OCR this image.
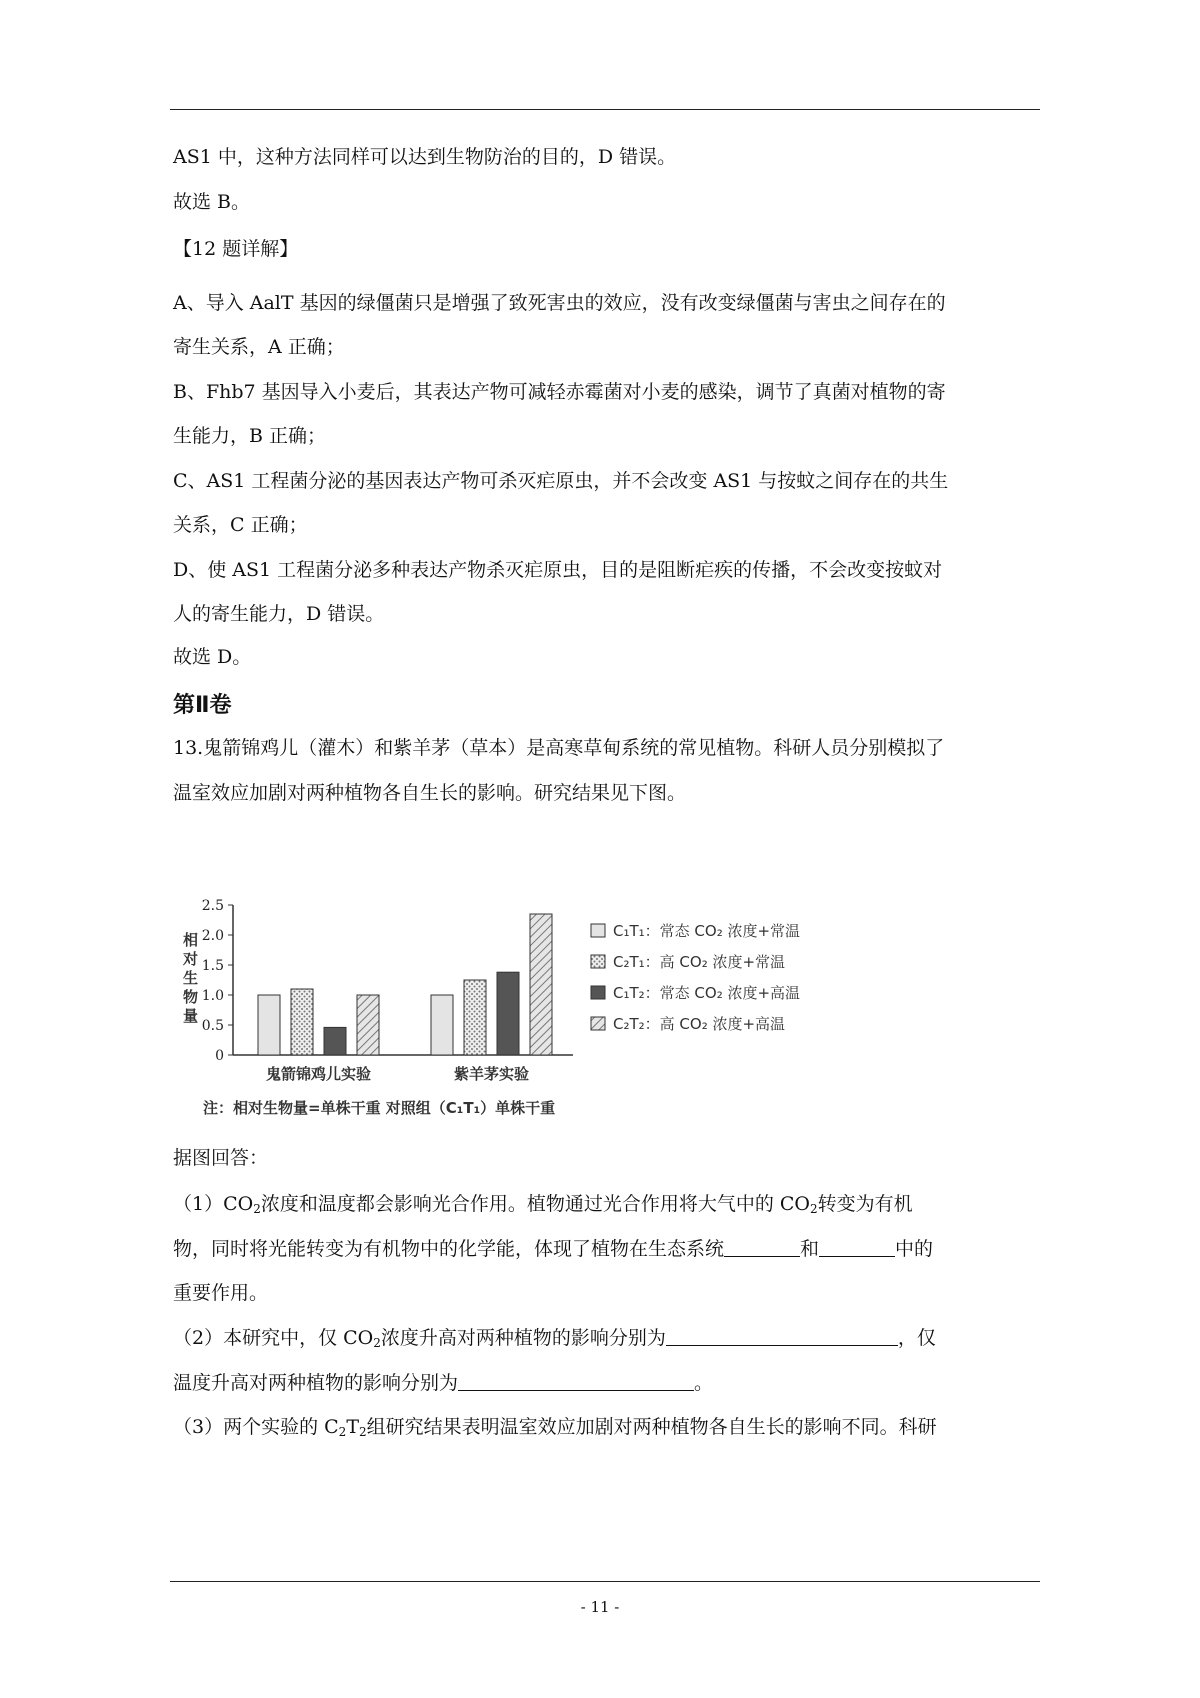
AS1 中，这种方法同样可以达到生物防治的目的，D 错误。
故选 B。
【12 题详解】
A、导入 AalT 基因的绿僵菌只是增强了致死害虫的效应，没有改变绿僵菌与害虫之间存在的
寄生关系，A 正确；
B、Fhb7 基因导入小麦后，其表达产物可减轻赤霉菌对小麦的感染，调节了真菌对植物的寄
生能力，B 正确；
C、AS1 工程菌分泌的基因表达产物可杀灭疟原虫，并不会改变 AS1 与按蚊之间存在的共生
关系，C 正确；
D、使 AS1 工程菌分泌多种表达产物杀灭疟原虫，目的是阻断疟疾的传播，不会改变按蚊对
人的寄生能力，D 错误。
故选 D。
第Ⅱ卷
13.鬼箭锦鸡儿（灌木）和紫羊茅（草本）是高寒草甸系统的常见植物。科研人员分别模拟了
温室效应加剧对两种植物各自生长的影响。研究结果见下图。
据图回答：
$(1)CO_2$浓度和温度都会影响光合作用。植物通过光合作用将大气中的 $CO_2$转变为有机
物，同时将光能转变为有机物中的化学能，体现了植物在生态系统	和	中的
重要作用。
（2）本研究中，仅 $CO_2$浓度升高对两种植物的影响分别为	，仅
温度升高对两种植物的影响分别为	。
（3）两个实验的 $C_2T_2$组研究结果表明温室效应加剧对两种植物各自生长的影响不同。科研
0
0.5
1.0
1.5
2.0
2.5
相
对
生
物
量
鬼箭锦鸡儿实验	紫羊茅实验
C₁T₁：常态 CO₂ 浓度+常温
C₂T₁：高 CO₂ 浓度+常温
C₁T₂：常态 CO₂ 浓度+高温
C₂T₂：高 CO₂ 浓度+高温
注：相对生物量=单株干重 对照组（C₁T₁）单株干重
- 11 -
